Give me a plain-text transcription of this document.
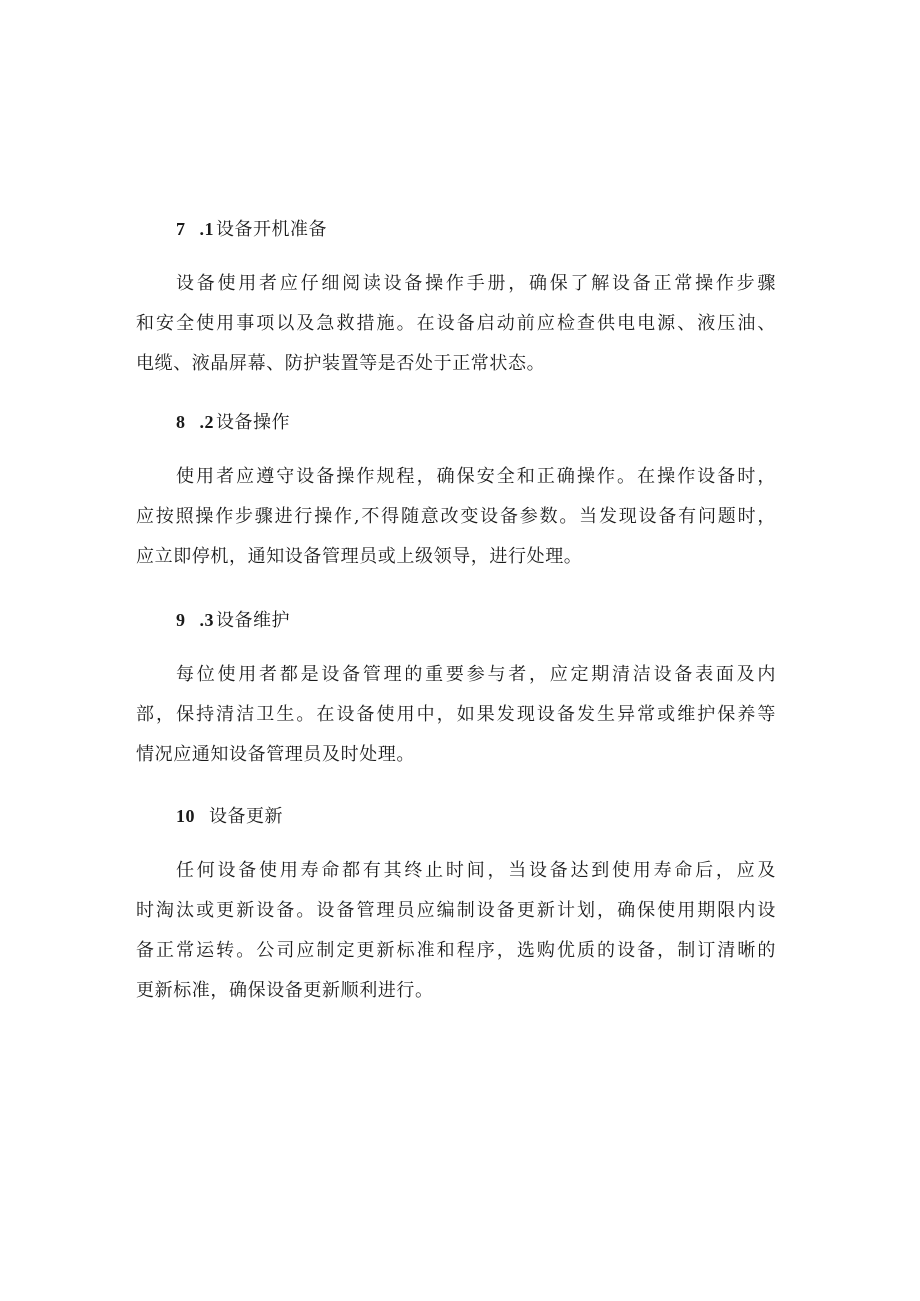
7 .1 设备开机准备

设备使用者应仔细阅读设备操作手册，确保了解设备正常操作步骤
和安全使用事项以及急救措施。在设备启动前应检查供电电源、液压油、
电缆、液晶屏幕、防护装置等是否处于正常状态。

8 .2 设备操作

使用者应遵守设备操作规程，确保安全和正确操作。在操作设备时，
应按照操作步骤进行操作,不得随意改变设备参数。当发现设备有问题时，
应立即停机，通知设备管理员或上级领导，进行处理。

9 .3 设备维护

每位使用者都是设备管理的重要参与者，应定期清洁设备表面及内
部，保持清洁卫生。在设备使用中，如果发现设备发生异常或维护保养等
情况应通知设备管理员及时处理。

10 设备更新

任何设备使用寿命都有其终止时间，当设备达到使用寿命后，应及
时淘汰或更新设备。设备管理员应编制设备更新计划，确保使用期限内设
备正常运转。公司应制定更新标准和程序，选购优质的设备，制订清晰的
更新标准，确保设备更新顺利进行。
